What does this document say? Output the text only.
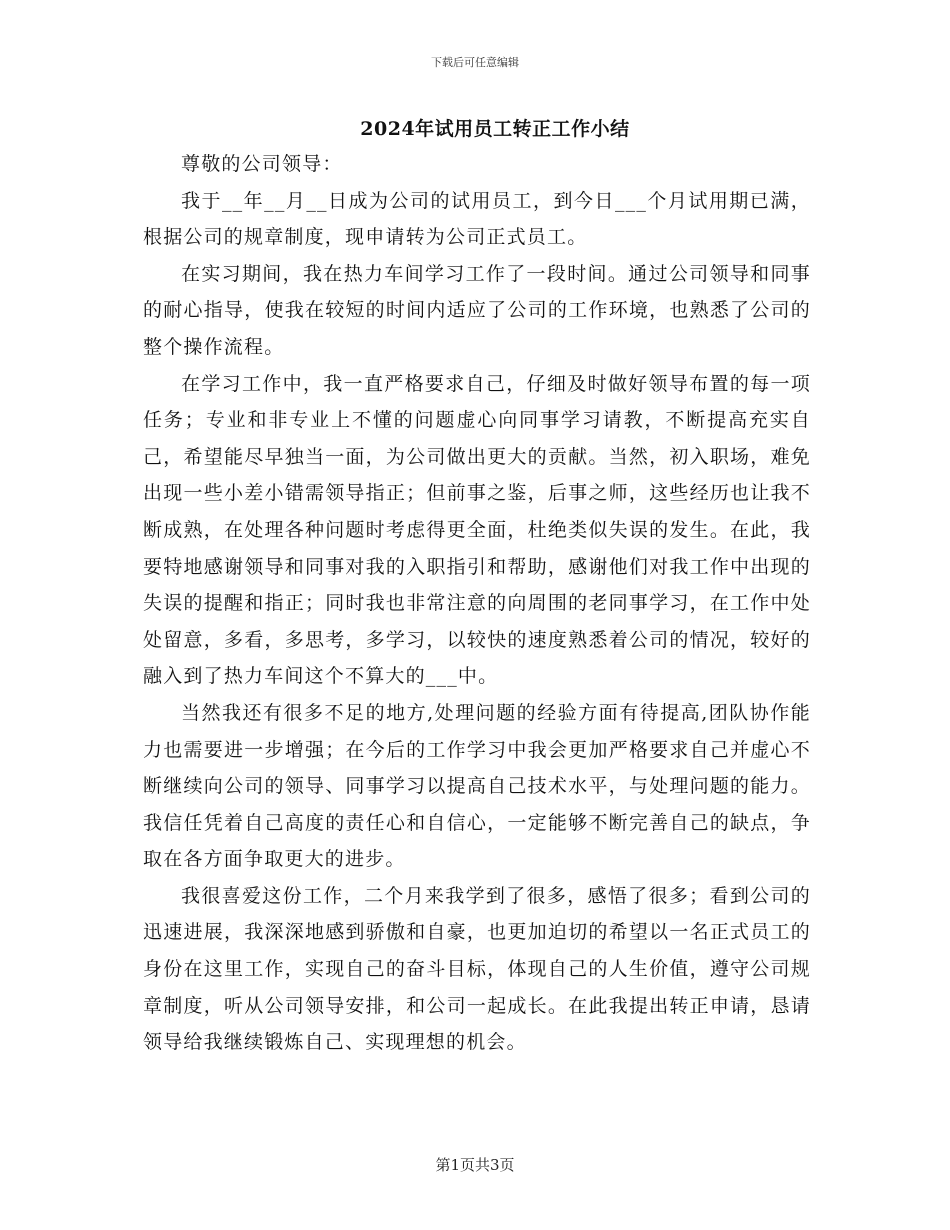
下载后可任意编辑
2024年试用员工转正工作小结

尊敬的公司领导：

我于__年__月__日成为公司的试用员工，到今日___个月试用期已满，根据公司的规章制度，现申请转为公司正式员工。

在实习期间，我在热力车间学习工作了一段时间。通过公司领导和同事的耐心指导，使我在较短的时间内适应了公司的工作环境，也熟悉了公司的整个操作流程。

在学习工作中，我一直严格要求自己，仔细及时做好领导布置的每一项任务；专业和非专业上不懂的问题虚心向同事学习请教，不断提高充实自己，希望能尽早独当一面，为公司做出更大的贡献。当然，初入职场，难免出现一些小差小错需领导指正；但前事之鉴，后事之师，这些经历也让我不断成熟，在处理各种问题时考虑得更全面，杜绝类似失误的发生。在此，我要特地感谢领导和同事对我的入职指引和帮助，感谢他们对我工作中出现的失误的提醒和指正；同时我也非常注意的向周围的老同事学习，在工作中处处留意，多看，多思考，多学习，以较快的速度熟悉着公司的情况，较好的融入到了热力车间这个不算大的___中。

当然我还有很多不足的地方,处理问题的经验方面有待提高,团队协作能力也需要进一步增强；在今后的工作学习中我会更加严格要求自己并虚心不断继续向公司的领导、同事学习以提高自己技术水平，与处理问题的能力。我信任凭着自己高度的责任心和自信心，一定能够不断完善自己的缺点，争取在各方面争取更大的进步。

我很喜爱这份工作，二个月来我学到了很多，感悟了很多；看到公司的迅速进展，我深深地感到骄傲和自豪，也更加迫切的希望以一名正式员工的身份在这里工作，实现自己的奋斗目标，体现自己的人生价值，遵守公司规章制度，听从公司领导安排，和公司一起成长。在此我提出转正申请，恳请领导给我继续锻炼自己、实现理想的机会。

第1页共3页
